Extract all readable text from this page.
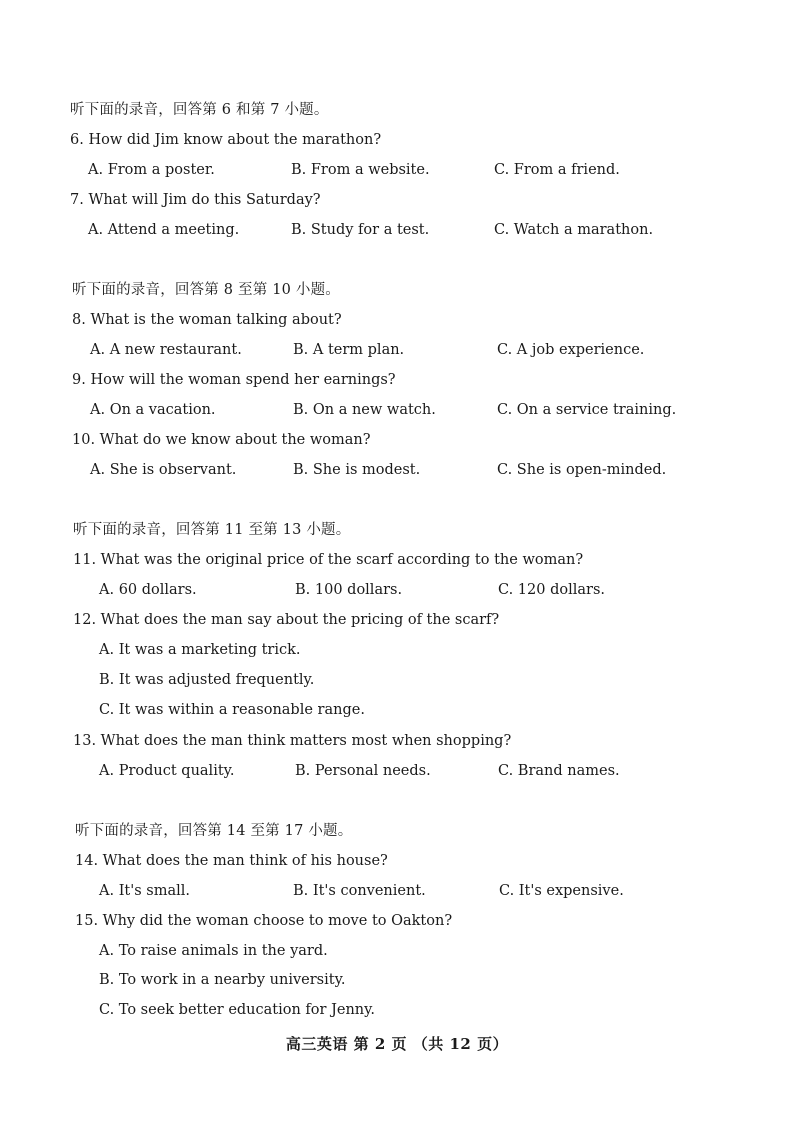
听下面的录音，回答第 6 和第 7 小题。
6. How did Jim know about the marathon?
A. From a poster.	B. From a website.	C. From a friend.
7. What will Jim do this Saturday?
A. Attend a meeting.	B. Study for a test.	C. Watch a marathon.
听下面的录音，回答第 8 至第 10 小题。
8. What is the woman talking about?
A. A new restaurant.	B. A term plan.	C. A job experience.
9. How will the woman spend her earnings?
A. On a vacation.	B. On a new watch.	C. On a service training.
10. What do we know about the woman?
A. She is observant.	B. She is modest.	C. She is open-minded.
听下面的录音，回答第 11 至第 13 小题。
11. What was the original price of the scarf according to the woman?
A. 60 dollars.	B. 100 dollars.	C. 120 dollars.
12. What does the man say about the pricing of the scarf?
A. It was a marketing trick.
B. It was adjusted frequently.
C. It was within a reasonable range.
13. What does the man think matters most when shopping?
A. Product quality.	B. Personal needs.	C. Brand names.
听下面的录音，回答第 14 至第 17 小题。
14. What does the man think of his house?
A. It's small.	B. It's convenient.	C. It's expensive.
15. Why did the woman choose to move to Oakton?
A. To raise animals in the yard.
B. To work in a nearby university.
C. To seek better education for Jenny.
高三英语 第 2 页 （共 12 页）
